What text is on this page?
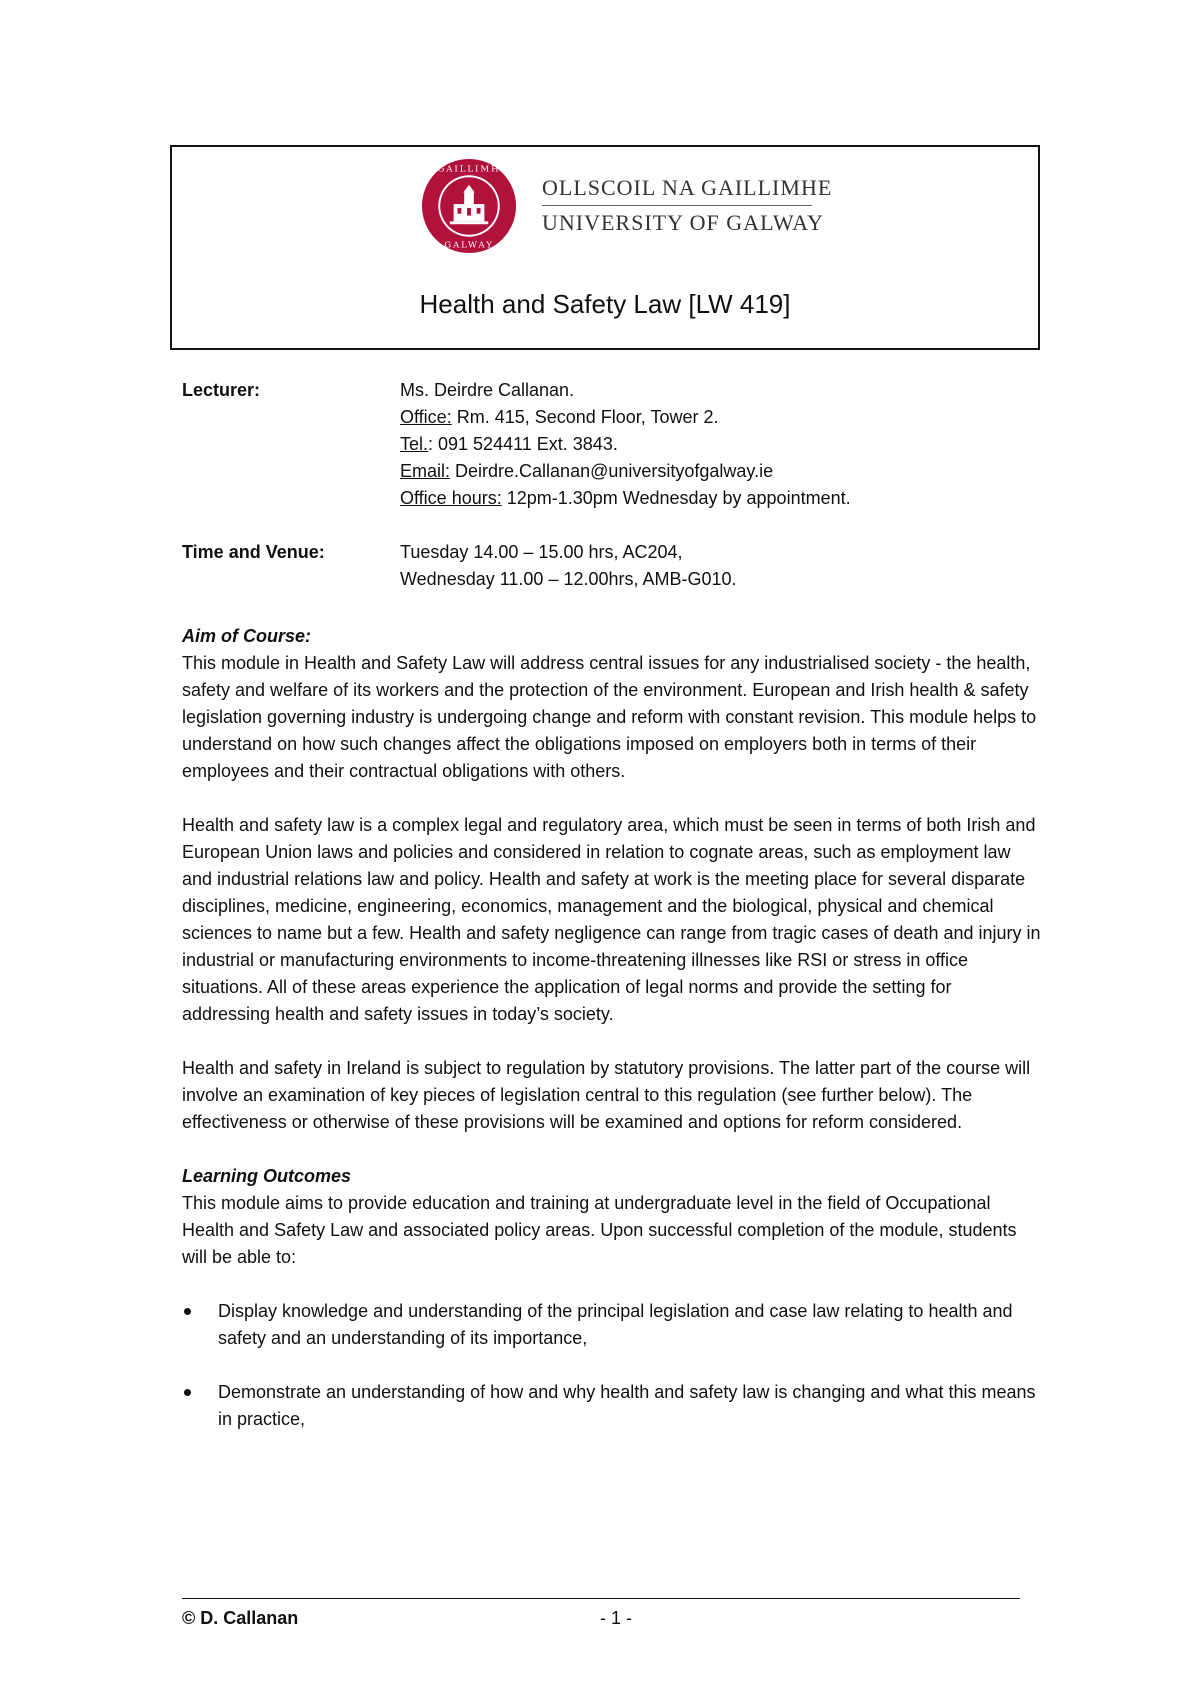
GAILLIMH
GALWAY
OLLSCOIL NA GAILLIMHE
UNIVERSITY OF GALWAY
Health and Safety Law [LW 419]
Lecturer:	Ms. Deirdre Callanan.
Office: Rm. 415, Second Floor, Tower 2.
Tel.: 091 524411 Ext. 3843.
Email: Deirdre.Callanan@universityofgalway.ie
Office hours: 12pm-1.30pm Wednesday by appointment.
Time and Venue:	Tuesday 14.00 – 15.00 hrs, AC204,
Wednesday 11.00 – 12.00hrs, AMB-G010.

Aim of Course:
This module in Health and Safety Law will address central issues for any industrialised society - the health, safety and welfare of its workers and the protection of the environment. European and Irish health & safety legislation governing industry is undergoing change and reform with constant revision. This module helps to understand on how such changes affect the obligations imposed on employers both in terms of their employees and their contractual obligations with others.

Health and safety law is a complex legal and regulatory area, which must be seen in terms of both Irish and European Union laws and policies and considered in relation to cognate areas, such as employment law and industrial relations law and policy. Health and safety at work is the meeting place for several disparate disciplines, medicine, engineering, economics, management and the biological, physical and chemical sciences to name but a few. Health and safety negligence can range from tragic cases of death and injury in industrial or manufacturing environments to income-threatening illnesses like RSI or stress in office situations. All of these areas experience the application of legal norms and provide the setting for addressing health and safety issues in today’s society.

Health and safety in Ireland is subject to regulation by statutory provisions. The latter part of the course will involve an examination of key pieces of legislation central to this regulation (see further below). The effectiveness or otherwise of these provisions will be examined and options for reform considered.

Learning Outcomes
This module aims to provide education and training at undergraduate level in the field of Occupational Health and Safety Law and associated policy areas. Upon successful completion of the module, students will be able to:

Display knowledge and understanding of the principal legislation and case law relating to health and safety and an understanding of its importance,
Demonstrate an understanding of how and why health and safety law is changing and what this means in practice,
© D. Callanan	- 1 -
